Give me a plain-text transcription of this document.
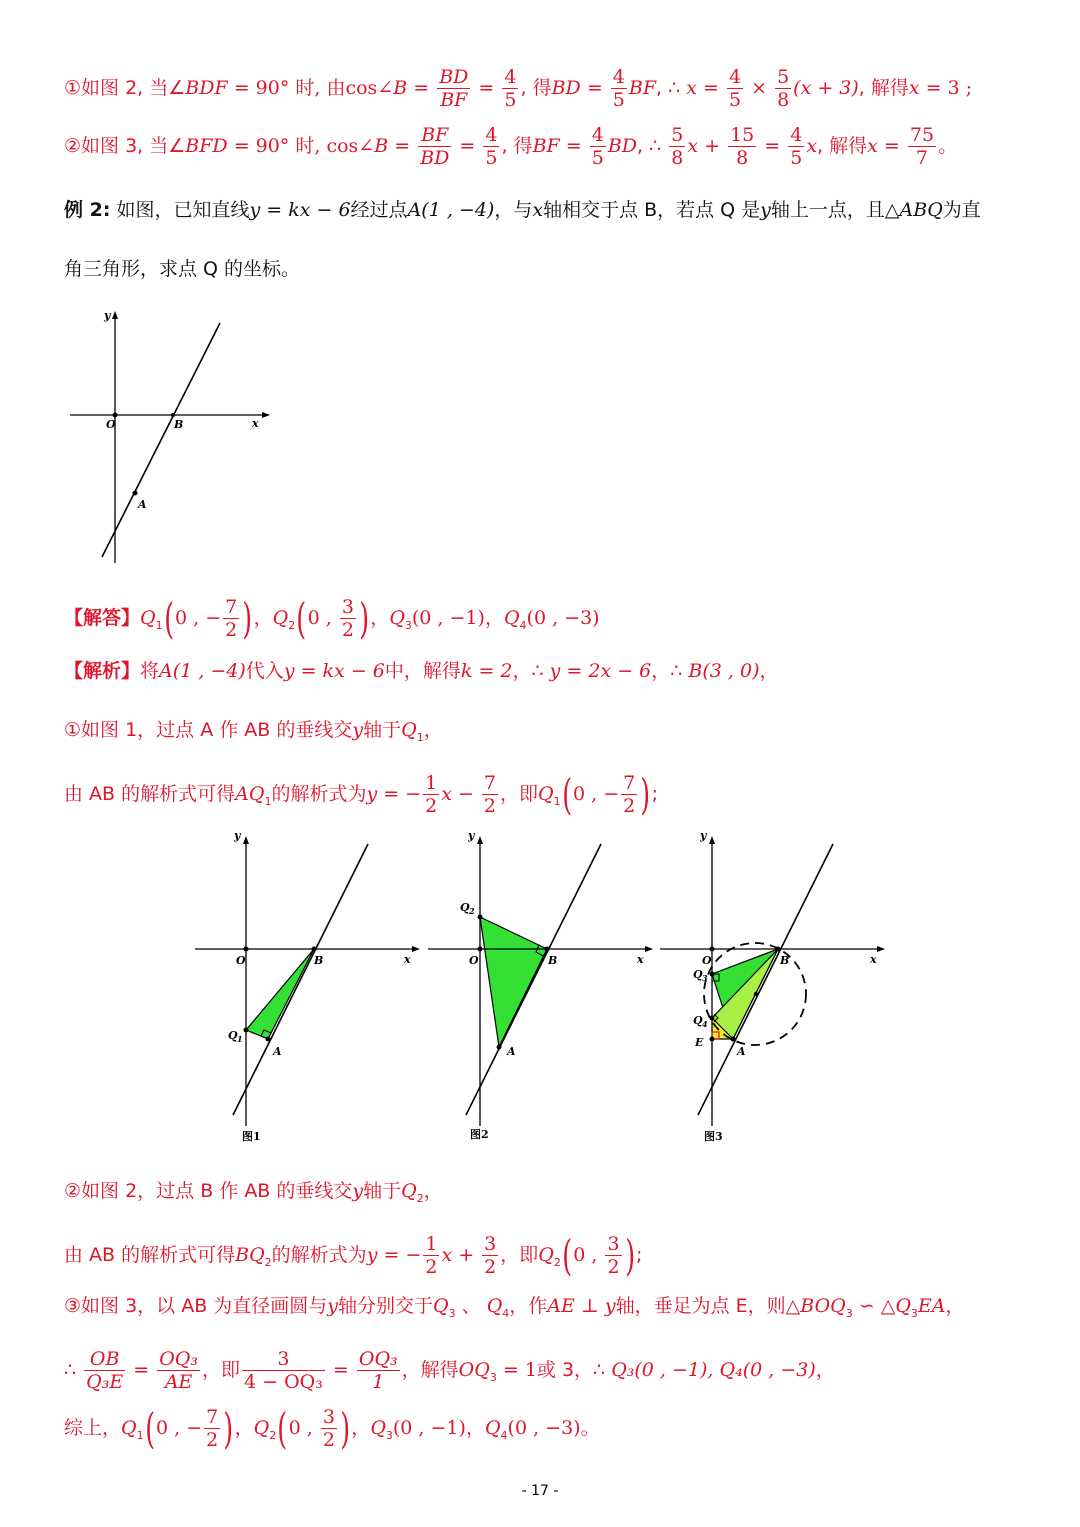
①如图 2, 当∠BDF = 90° 时, 由cos∠B = $\frac{BD}{BF} = \frac{4}{5}$ , 得BD = $\frac{4}{5}$ BF, ∴ $x = \frac{4}{5} \times \frac{5}{8} (x + 3)$, 解得x = 3 ;
②如图 3, 当∠BFD = 90° 时, cos∠B = $\frac{BF}{BD} = \frac{4}{5}$ , 得BF = $\frac{4}{5}$ BD, ∴ $\frac{5}{8}$ $x + \frac{15}{8} = \frac{4}{5} x$, 解得$x = \frac{75}{7}$ 。
例 2: 如图，已知直线y = kx − 6经过点A(1 , −4)，与x轴相交于点 B，若点 Q 是y轴上一点，且△ABQ为直
角三角形，求点 Q 的坐标。
y
x
O	B
A
【解答】$Q_1(0$ , − $\frac{7}{2}$ )，$Q_2(0$ , $\frac{3}{2}$ )，$Q_3(0$ , −1)，$Q_4(0$ , −3)
【解析】将A(1 , −4)代入y = kx − 6中，解得k = 2，∴ y = 2x − 6，∴ B(3 , 0)，
①如图 1，过点 A 作 AB 的垂线交y轴于$Q_1$，
由 AB 的解析式可得$AQ_1$的解析式为y = − $\frac{1}{2}$ $x - \frac{7}{2}$ ，即$Q_1(0$ , − $\frac{7}{2}$ );
y
x
O	B
A
Q 1
图1
y
x
O	B
A
Q 2
图2
y
x
O	B
A
Q 3
Q 4
E
图3
②如图 2，过点 B 作 AB 的垂线交y轴于$Q_2$，
由 AB 的解析式可得$BQ_2$的解析式为y = − $\frac{1}{2}$ $x + \frac{3}{2}$ ，即$Q_2(0$ , $\frac{3}{2}$ );
③如图 3，以 AB 为直径画圆与y轴分别交于$Q_3$ 、 $Q_4$，作AE ⊥ y轴，垂足为点 E，则$\triangle BOQ_3$ ∽ $\triangle Q_3EA$，
∴ $\frac{OB}{\text{Q₃E}} = \frac{\text{OQ₃}}{AE}$ ，即 $\frac{3}{\text{4 − OQ₃}} = \frac{\text{OQ₃}}{1}$ ，解得$OQ_3 = 1$或 3，∴ Q₃(0 , −1), Q₄(0 , −3)，
综上，$Q_1(0$ , − $\frac{7}{2}$ )，$Q_2(0$ , $\frac{3}{2}$ )，$Q_3(0$ , −1)，$Q_4(0$ , −3)。
- 17 -
